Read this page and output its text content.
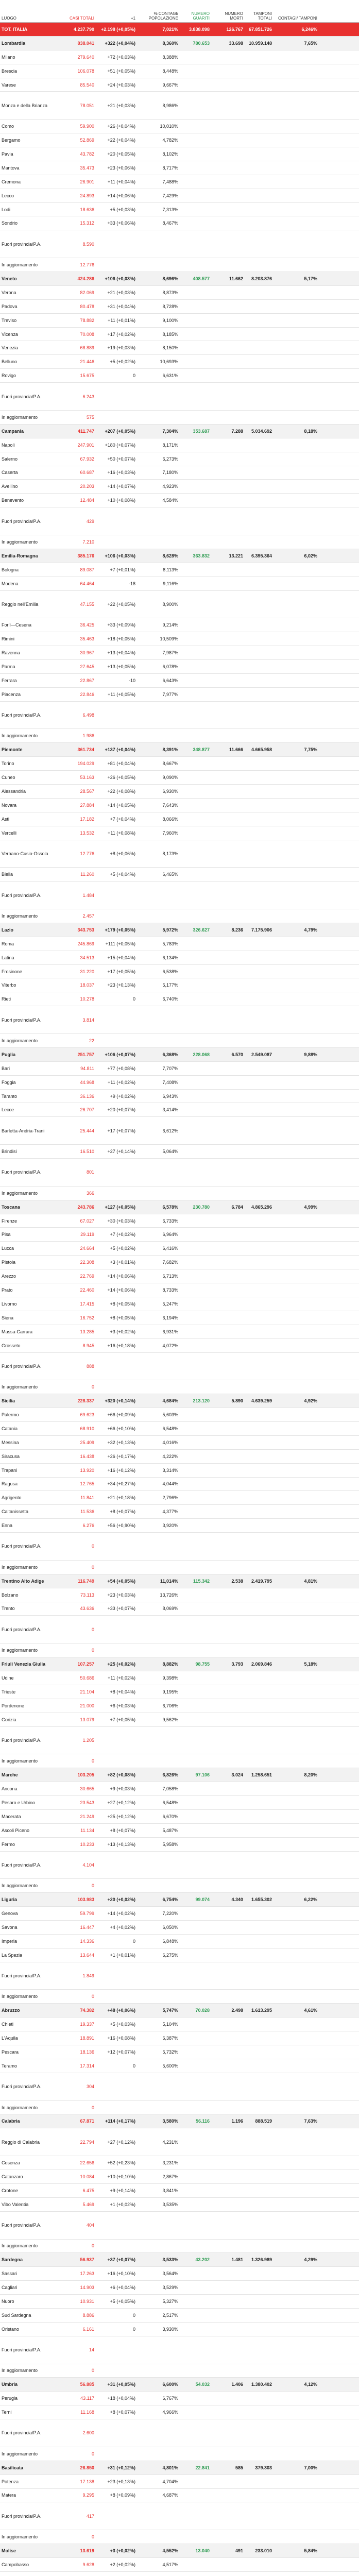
LUOGO	CASI TOTALI	+1
% CONTAGI/ POPOLAZIONE
NUMERO GUARITI
NUMERO MORTI
TAMPONI TOTALI	CONTAGI/ TAMPONI
TOT. ITALIA	4.237.790	+2.198 (+0,05%)	7,021%	3.838.098	126.767	67.851.726	6,246%
Lombardia	838.041	+322 (+0,04%)	8,360%	780.653	33.698	10.959.148	7,65%
Milano	279.640	+72 (+0,03%)	8,388%
Brescia	106.078	+51 (+0,05%)	8,448%
Varese	85.540	+24 (+0,03%)	9,667%
Monza e della Brianza	78.051	+21 (+0,03%)	8,986%
Como	59.900	+26 (+0,04%)	10,010%
Bergamo	52.869	+22 (+0,04%)	4,782%
Pavia	43.782	+20 (+0,05%)	8,102%
Mantova	35.473	+23 (+0,06%)	8,717%
Cremona	26.901	+11 (+0,04%)	7,488%
Lecco	24.893	+14 (+0,06%)	7,429%
Lodi	18.636	+5 (+0,03%)	7,313%
Sondrio	15.312	+33 (+0,06%)	8,467%
Fuori provincia/P.A.	8.590
In aggiornamento	12.776
Veneto	424.286	+106 (+0,03%)	8,696%	408.577	11.662	8.203.876	5,17%
Verona	82.069	+21 (+0,03%)	8,873%
Padova	80.478	+31 (+0,04%)	8,728%
Treviso	78.882	+11 (+0,01%)	9,100%
Vicenza	70.008	+17 (+0,02%)	8,185%
Venezia	68.889	+19 (+0,03%)	8,150%
Belluno	21.446	+5 (+0,02%)	10,693%
Rovigo	15.675	0	6,631%
Fuori provincia/P.A.	6.243
In aggiornamento	575
Campania	411.747	+207 (+0,05%)	7,304%	353.687	7.288	5.034.692	8,18%
Napoli	247.901	+180 (+0,07%)	8,171%
Salerno	67.932	+50 (+0,07%)	6,273%
Caserta	60.687	+16 (+0,03%)	7,180%
Avellino	20.203	+14 (+0,07%)	4,923%
Benevento	12.484	+10 (+0,08%)	4,584%
Fuori provincia/P.A.	429
In aggiornamento	7.210
Emilia-Romagna	385.176	+106 (+0,03%)	8,628%	363.832	13.221	6.395.364	6,02%
Bologna	89.087	+7 (+0,01%)	8,113%
Modena	64.464	-18	9,116%
Reggio nell'Emilia	47.155	+22 (+0,05%)	8,900%
Forlì—Cesena	36.425	+33 (+0,09%)	9,214%
Rimini	35.463	+18 (+0,05%)	10,509%
Ravenna	30.967	+13 (+0,04%)	7,987%
Parma	27.645	+13 (+0,05%)	6,078%
Ferrara	22.867	-10	6,643%
Piacenza	22.846	+11 (+0,05%)	7,977%
Fuori provincia/P.A.	6.498
In aggiornamento	1.986
Piemonte	361.734	+137 (+0,04%)	8,391%	348.877	11.666	4.665.958	7,75%
Torino	194.029	+81 (+0,04%)	8,667%
Cuneo	53.163	+26 (+0,05%)	9,090%
Alessandria	28.567	+22 (+0,08%)	6,930%
Novara	27.884	+14 (+0,05%)	7,643%
Asti	17.182	+7 (+0,04%)	8,066%
Vercelli	13.532	+11 (+0,08%)	7,960%
Verbano-Cusio-Ossola	12.776	+8 (+0,06%)	8,173%
Biella	11.260	+5 (+0,04%)	6,465%
Fuori provincia/P.A.	1.484
In aggiornamento	2.457
Lazio	343.753	+179 (+0,05%)	5,972%	326.627	8.236	7.175.906	4,79%
Roma	245.869	+111 (+0,05%)	5,783%
Latina	34.513	+15 (+0,04%)	6,134%
Frosinone	31.220	+17 (+0,05%)	6,538%
Viterbo	18.037	+23 (+0,13%)	5,177%
Rieti	10.278	0	6,740%
Fuori provincia/P.A.	3.814
In aggiornamento	22
Puglia	251.757	+106 (+0,07%)	6,368%	228.068	6.570	2.549.087	9,88%
Bari	94.811	+77 (+0,08%)	7,707%
Foggia	44.968	+11 (+0,02%)	7,408%
Taranto	36.136	+9 (+0,02%)	6,943%
Lecce	26.707	+20 (+0,07%)	3,414%
Barletta-Andria-Trani	25.444	+17 (+0,07%)	6,612%
Brindisi	16.510	+27 (+0,14%)	5,064%
Fuori provincia/P.A.	801
In aggiornamento	366
Toscana	243.786	+127 (+0,05%)	6,578%	230.780	6.784	4.865.296	4,99%
Firenze	67.027	+30 (+0,03%)	6,733%
Pisa	29.119	+7 (+0,02%)	6,964%
Lucca	24.664	+5 (+0,02%)	6,416%
Pistoia	22.308	+3 (+0,01%)	7,682%
Arezzo	22.769	+14 (+0,06%)	6,713%
Prato	22.460	+14 (+0,06%)	8,733%
Livorno	17.415	+8 (+0,05%)	5,247%
Siena	16.752	+8 (+0,05%)	6,194%
Massa-Carrara	13.285	+3 (+0,02%)	6,931%
Grosseto	8.945	+16 (+0,18%)	4,072%
Fuori provincia/P.A.	888
In aggiornamento	0
Sicilia	228.337	+320 (+0,14%)	4,684%	213.120	5.890	4.639.259	4,92%
Palermo	69.623	+66 (+0,09%)	5,603%
Catania	68.910	+66 (+0,10%)	6,548%
Messina	25.409	+32 (+0,13%)	4,016%
Siracusa	16.438	+26 (+0,17%)	4,222%
Trapani	13.920	+16 (+0,12%)	3,314%
Ragusa	12.765	+34 (+0,27%)	4,044%
Agrigento	11.841	+21 (+0,18%)	2,796%
Caltanissetta	11.536	+8 (+0,07%)	4,377%
Enna	6.276	+56 (+0,90%)	3,920%
Fuori provincia/P.A.	0
In aggiornamento	0
Trentino Alto Adige	116.749	+54 (+0,05%)	11,014%	115.342	2.538	2.419.795	4,81%
Bolzano	73.113	+23 (+0,03%)	13,726%
Trento	43.636	+33 (+0,07%)	8,069%
Fuori provincia/P.A.	0
In aggiornamento	0
Friuli Venezia Giulia	107.257	+25 (+0,02%)	8,882%	98.755	3.793	2.069.846	5,18%
Udine	50.686	+11 (+0,02%)	9,398%
Trieste	21.104	+8 (+0,04%)	9,195%
Pordenone	21.000	+6 (+0,03%)	6,706%
Gorizia	13.079	+7 (+0,05%)	9,562%
Fuori provincia/P.A.	1.205
In aggiornamento	0
Marche	103.205	+82 (+0,08%)	6,826%	97.106	3.024	1.258.651	8,20%
Ancona	30.665	+9 (+0,03%)	7,058%
Pesaro e Urbino	23.543	+27 (+0,12%)	6,548%
Macerata	21.249	+25 (+0,12%)	6,670%
Ascoli Piceno	11.134	+8 (+0,07%)	5,487%
Fermo	10.233	+13 (+0,13%)	5,958%
Fuori provincia/P.A.	4.104
In aggiornamento	0
Liguria	103.983	+20 (+0,02%)	6,754%	99.074	4.340	1.655.302	6,22%
Genova	59.799	+14 (+0,02%)	7,220%
Savona	16.447	+4 (+0,02%)	6,050%
Imperia	14.336	0	6,848%
La Spezia	13.644	+1 (+0,01%)	6,275%
Fuori provincia/P.A.	1.849
In aggiornamento	0
Abruzzo	74.382	+48 (+0,06%)	5,747%	70.028	2.498	1.613.295	4,61%
Chieti	19.337	+5 (+0,03%)	5,104%
L'Aquila	18.891	+16 (+0,08%)	6,387%
Pescara	18.136	+12 (+0,07%)	5,732%
Teramo	17.314	0	5,600%
Fuori provincia/P.A.	304
In aggiornamento	0
Calabria	67.871	+114 (+0,17%)	3,580%	56.116	1.196	888.519	7,63%
Reggio di Calabria	22.794	+27 (+0,12%)	4,231%
Cosenza	22.656	+52 (+0,23%)	3,231%
Catanzaro	10.084	+10 (+0,10%)	2,867%
Crotone	6.475	+9 (+0,14%)	3,841%
Vibo Valentia	5.469	+1 (+0,02%)	3,535%
Fuori provincia/P.A.	404
In aggiornamento	0
Sardegna	56.937	+37 (+0,07%)	3,533%	43.202	1.481	1.326.989	4,29%
Sassari	17.263	+16 (+0,10%)	3,564%
Cagliari	14.903	+6 (+0,04%)	3,529%
Nuoro	10.931	+5 (+0,05%)	5,327%
Sud Sardegna	8.886	0	2,517%
Oristano	6.161	0	3,930%
Fuori provincia/P.A.	14
In aggiornamento	0
Umbria	56.885	+31 (+0,05%)	6,600%	54.032	1.406	1.380.402	4,12%
Perugia	43.117	+18 (+0,04%)	6,767%
Terni	11.168	+8 (+0,07%)	4,966%
Fuori provincia/P.A.	2.600
In aggiornamento	0
Basilicata	26.850	+31 (+0,12%)	4,801%	22.841	585	379.303	7,00%
Potenza	17.138	+23 (+0,13%)	4,704%
Matera	9.295	+8 (+0,09%)	4,687%
Fuori provincia/P.A.	417
In aggiornamento	0
Molise	13.619	+3 (+0,02%)	4,552%	13.040	491	233.010	5,84%
Campobasso	9.628	+2 (+0,02%)	4,517%
